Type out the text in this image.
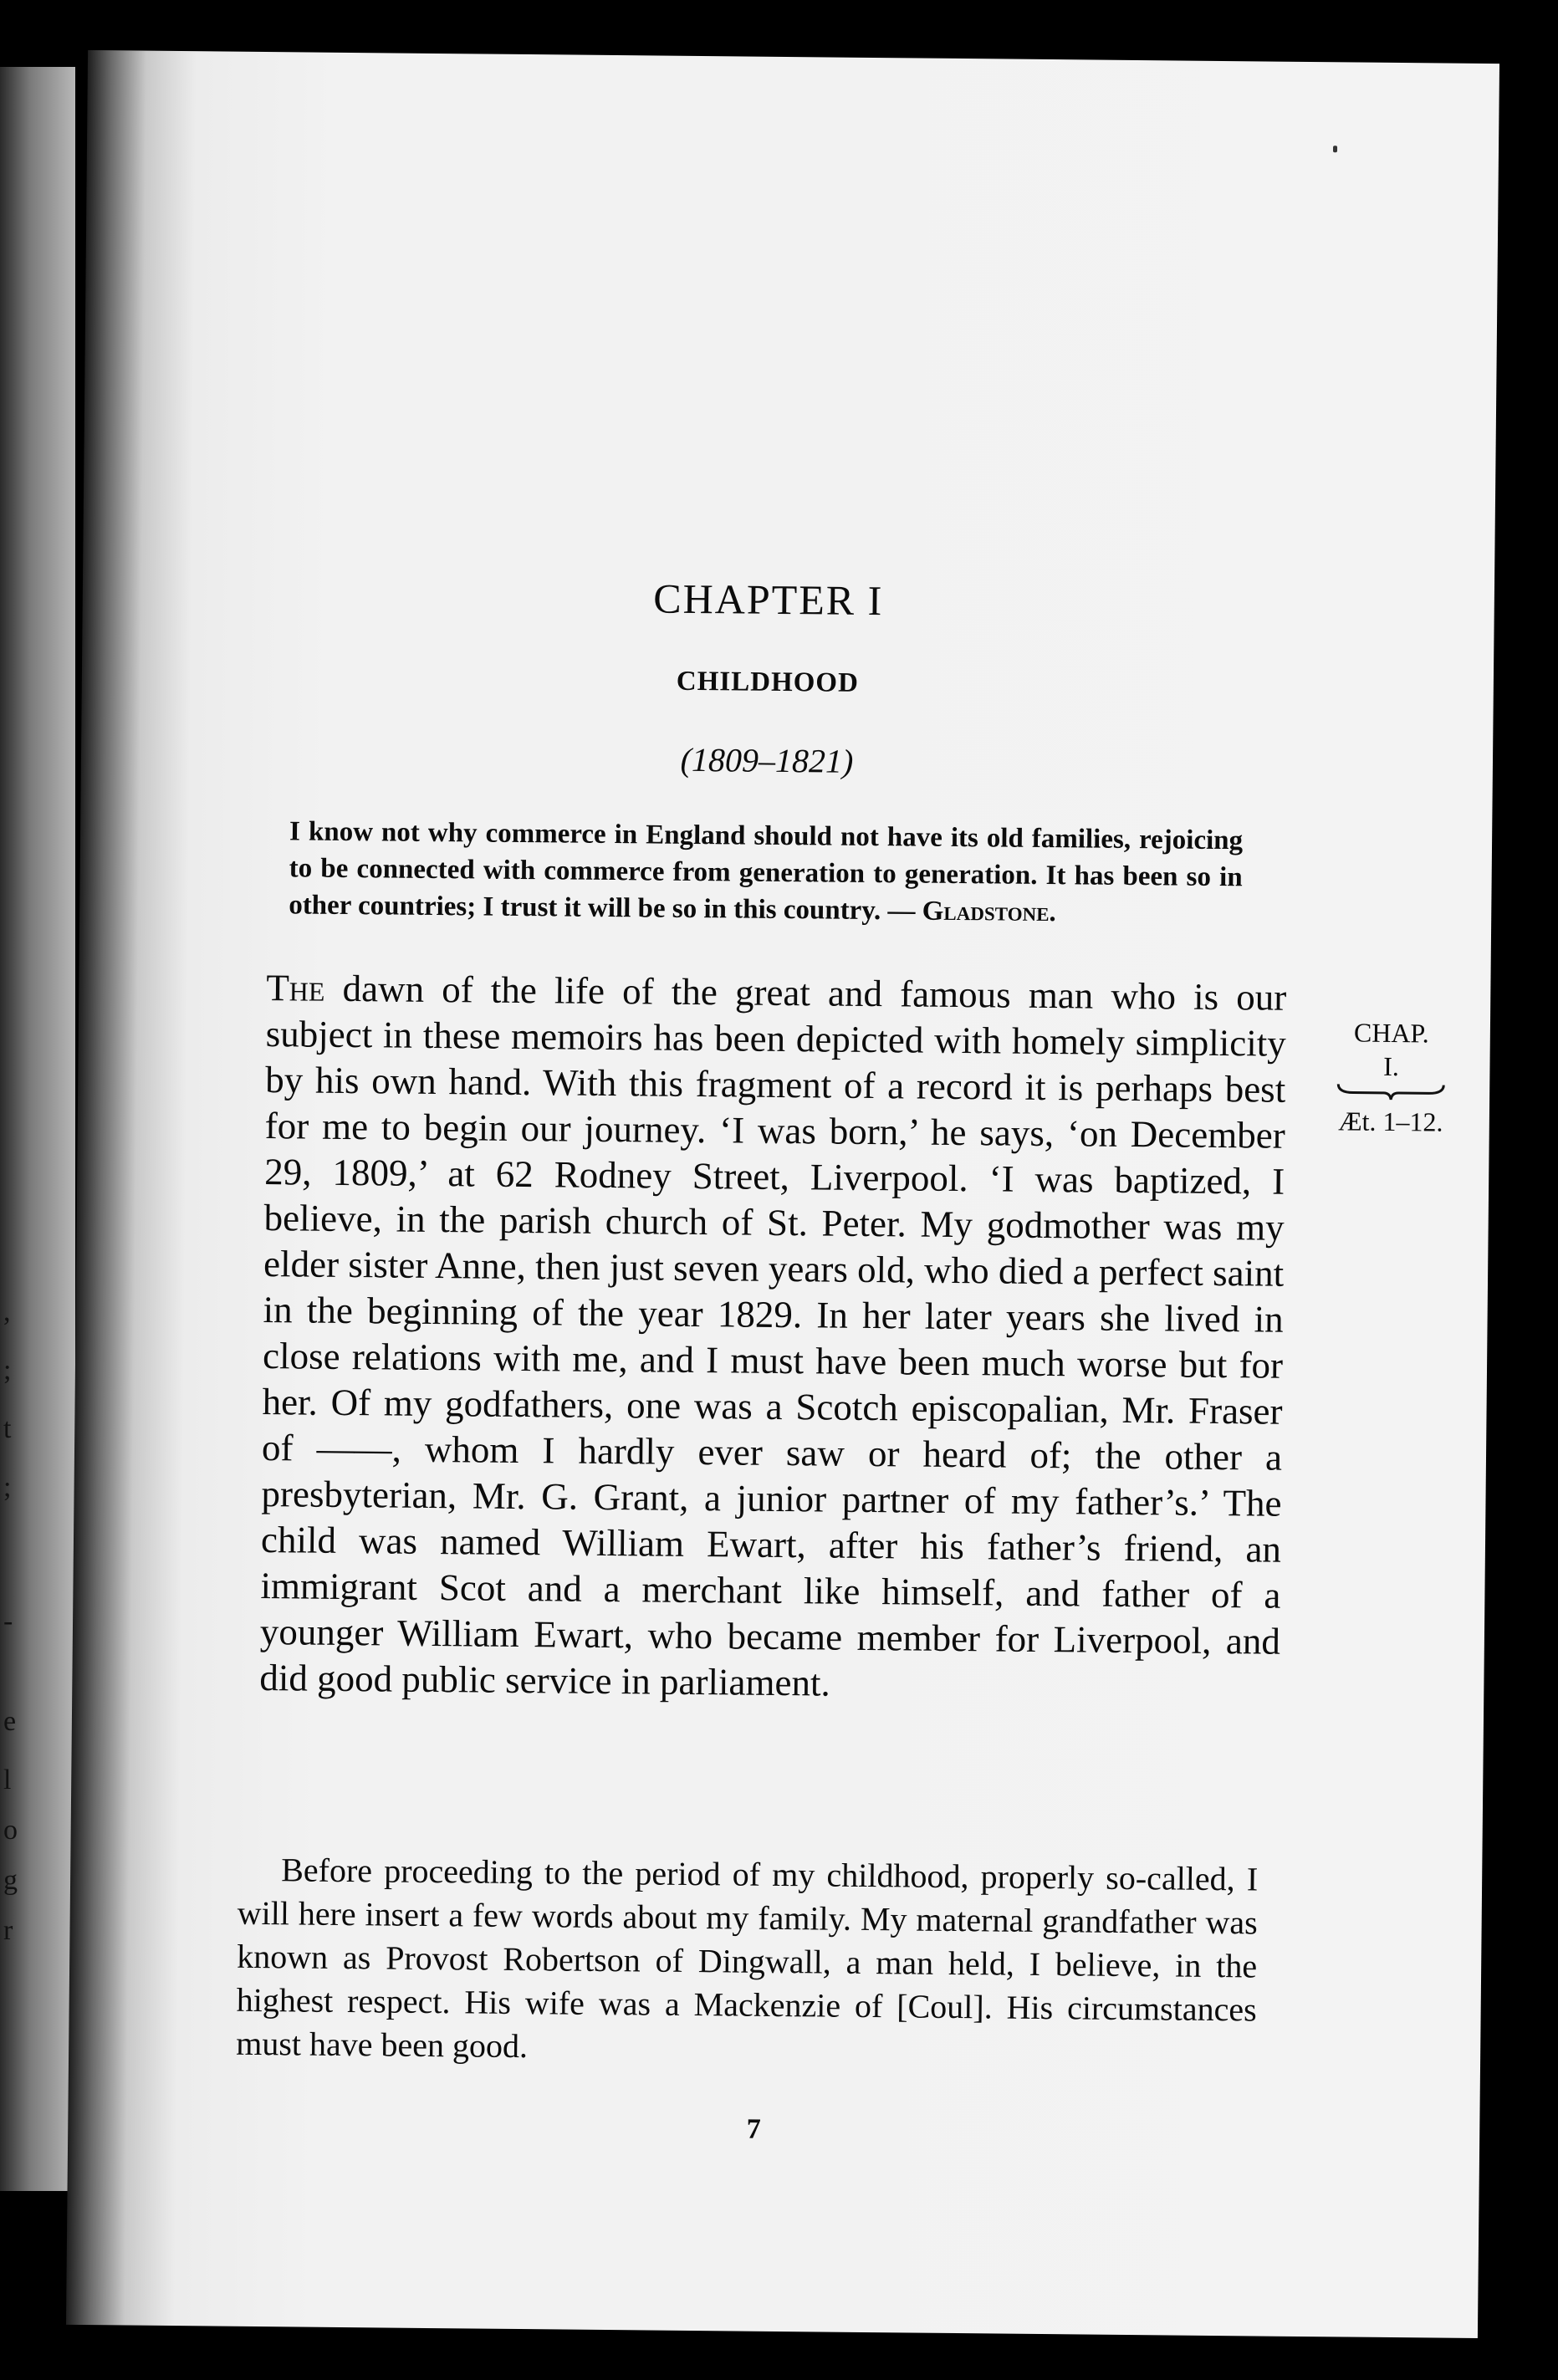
,
;
t
;
-
e
l
o
g
r
CHAPTER I
CHILDHOOD
(1809–1821)
I know not why commerce in England should not have its old families, rejoicing to be connected with commerce from generation to generation. It has been so in other countries; I trust it will be so in this country. — Gladstone.

The dawn of the life of the great and famous man who is our subject in these memoirs has been depicted with homely simplicity by his own hand. With this fragment of a record it is perhaps best for me to begin our journey. ‘I was born,’ he says, ‘on December 29, 1809,’ at 62 Rodney Street, Liverpool. ‘I was baptized, I believe, in the parish church of St. Peter. My godmother was my elder sister Anne, then just seven years old, who died a perfect saint in the beginning of the year 1829. In her later years she lived in close relations with me, and I must have been much worse but for her. Of my godfathers, one was a Scotch episcopalian, Mr. Fraser of ——, whom I hardly ever saw or heard of; the other a presbyterian, Mr. G. Grant, a junior partner of my father’s.’ The child was named William Ewart, after his father’s friend, an immigrant Scot and a merchant like himself, and father of a younger William Ewart, who became member for Liverpool, and did good public service in parliament.

CHAP.
I.
Æt. 1–12.

Before proceeding to the period of my childhood, properly so-called, I will here insert a few words about my family. My maternal grandfather was known as Provost Robertson of Dingwall, a man held, I believe, in the highest respect. His wife was a Mackenzie of [Coul]. His circumstances must have been good.

7
